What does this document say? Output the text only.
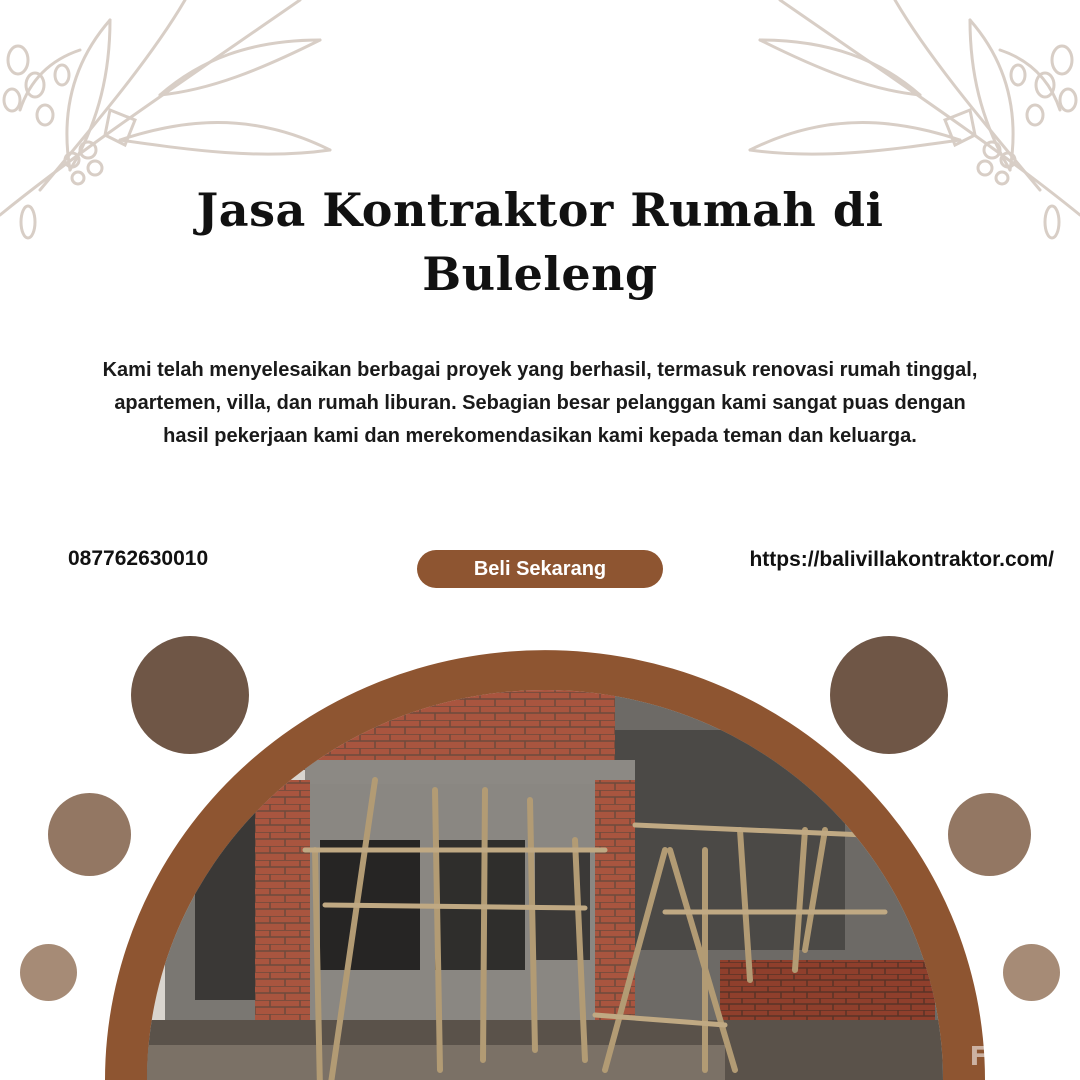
Jasa Kontraktor Rumah di
Buleleng

Kami telah menyelesaikan berbagai proyek yang berhasil, termasuk renovasi rumah tinggal, apartemen, villa, dan rumah liburan. Sebagian besar pelanggan kami sangat puas dengan hasil pekerjaan kami dan merekomendasikan kami kepada teman dan keluarga.

087762630010	Beli Sekarang	https://balivillakontraktor.com/
FJB.co
